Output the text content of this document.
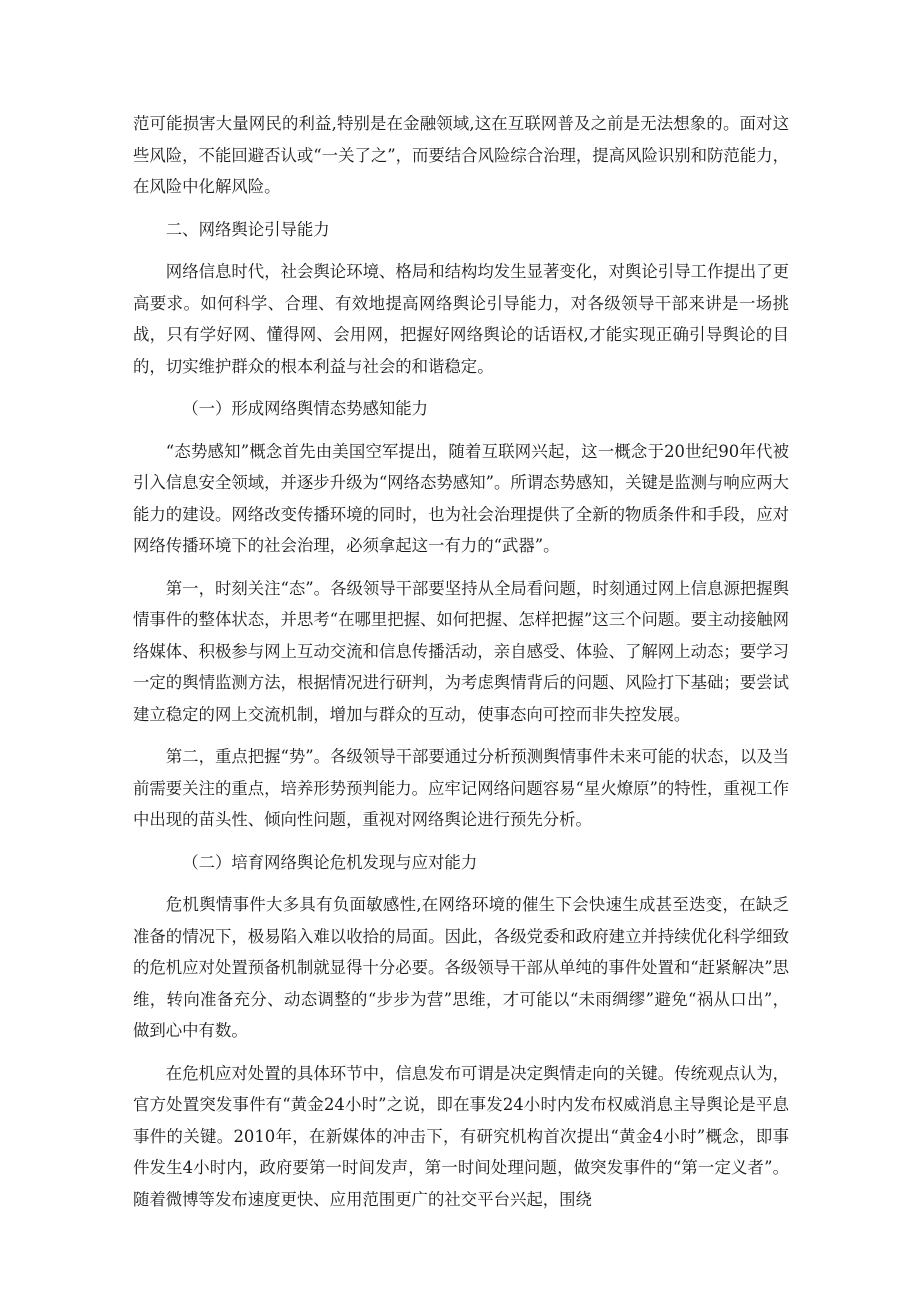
范可能损害大量网民的利益,特别是在金融领域,这在互联网普及之前是无法想象的。面对这些风险，不能回避否认或“一关了之”，而要结合风险综合治理，提高风险识别和防范能力，在风险中化解风险。

二、网络舆论引导能力

网络信息时代，社会舆论环境、格局和结构均发生显著变化，对舆论引导工作提出了更高要求。如何科学、合理、有效地提高网络舆论引导能力，对各级领导干部来讲是一场挑战，只有学好网、懂得网、会用网，把握好网络舆论的话语权,才能实现正确引导舆论的目的，切实维护群众的根本利益与社会的和谐稳定。

（一）形成网络舆情态势感知能力

“态势感知”概念首先由美国空军提出，随着互联网兴起，这一概念于20世纪90年代被引入信息安全领域，并逐步升级为“网络态势感知”。所谓态势感知，关键是监测与响应两大能力的建设。网络改变传播环境的同时，也为社会治理提供了全新的物质条件和手段，应对网络传播环境下的社会治理，必须拿起这一有力的“武器”。

第一，时刻关注“态”。各级领导干部要坚持从全局看问题，时刻通过网上信息源把握舆情事件的整体状态，并思考“在哪里把握、如何把握、怎样把握”这三个问题。要主动接触网络媒体、积极参与网上互动交流和信息传播活动，亲自感受、体验、了解网上动态；要学习一定的舆情监测方法，根据情况进行研判，为考虑舆情背后的问题、风险打下基础；要尝试建立稳定的网上交流机制，增加与群众的互动，使事态向可控而非失控发展。

第二，重点把握“势”。各级领导干部要通过分析预测舆情事件未来可能的状态，以及当前需要关注的重点，培养形势预判能力。应牢记网络问题容易“星火燎原”的特性，重视工作中出现的苗头性、倾向性问题，重视对网络舆论进行预先分析。

（二）培育网络舆论危机发现与应对能力

危机舆情事件大多具有负面敏感性,在网络环境的催生下会快速生成甚至迭变，在缺乏准备的情况下，极易陷入难以收拾的局面。因此，各级党委和政府建立并持续优化科学细致的危机应对处置预备机制就显得十分必要。各级领导干部从单纯的事件处置和“赶紧解决”思维，转向准备充分、动态调整的“步步为营”思维，才可能以“未雨绸缪”避免“祸从口出”，做到心中有数。

在危机应对处置的具体环节中，信息发布可谓是决定舆情走向的关键。传统观点认为，官方处置突发事件有“黄金24小时”之说，即在事发24小时内发布权威消息主导舆论是平息事件的关键。2010年，在新媒体的冲击下，有研究机构首次提出“黄金4小时”概念，即事件发生4小时内，政府要第一时间发声，第一时间处理问题，做突发事件的“第一定义者”。随着微博等发布速度更快、应用范围更广的社交平台兴起，围绕
